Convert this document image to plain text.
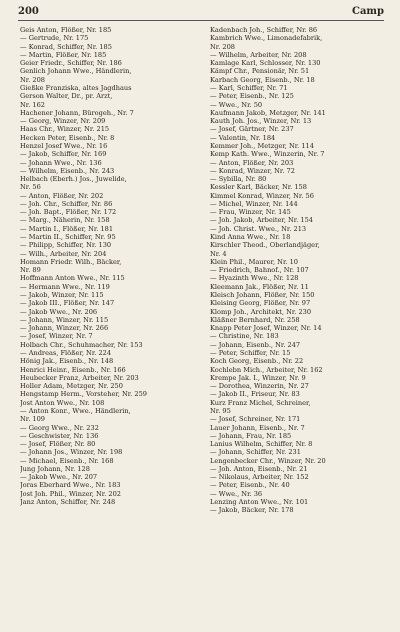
200	Camp
Geis Anton, Flößer, Nr. 185
— Gertrude, Nr. 175
— Konrad, Schiffer, Nr. 185
— Martin, Flößer, Nr. 185
Geier Friedr., Schiffer, Nr. 186
Genlich Johann Wwe., Händlerin,
Nr. 208
Gießke Franziska, altes Jagdhaus
Gerson Walter, Dr., pr. Arzt,
Nr. 162
Hachener Johann, Bürogeh., Nr. 7
— Georg, Winzer, Nr. 209
Haas Chr., Winzer, Nr. 215
Hecken Peter, Eisenb., Nr. 8
Henzel Josef Wwe., Nr. 16
— Jakob, Schiffer, Nr. 169
— Johann Wwe., Nr. 136
— Wilhelm, Eisenb., Nr. 243
Helbach (Eberh.) Jos., Juwelide,
Nr. 56
— Anton, Flößer, Nr. 202
— Joh. Chr., Schiffer, Nr. 86
— Joh. Bapt., Flößer, Nr. 172
— Marg., Näherin, Nr. 158
— Martin I., Flößer, Nr. 181
— Martin II., Schiffer, Nr. 95
— Philipp, Schiffer, Nr. 130
— Wilh., Arbeiter, Nr. 204
Homann Friedr. Wilh., Bäcker,
Nr. 89
Hoffmann Anton Wwe., Nr. 115
— Hermann Wwe., Nr. 119
— Jakob, Winzer, Nr. 115
— Jakob III., Flößer, Nr. 147
— Jakob Wwe., Nr. 206
— Johann, Winzer, Nr. 115
— Johann, Winzer, Nr. 266
— Josef, Winzer, Nr. 7
Holbach Chr., Schuhmacher, Nr. 153
— Andreas, Flößer, Nr. 224
Hönig Jak., Eisenb., Nr. 148
Henrici Heinr., Eisenb., Nr. 166
Heubecker Franz, Arbeiter, Nr. 203
Holler Adam, Metzger, Nr. 250
Hengstamp Herm., Vorsteher, Nr. 259
Jost Anton Wwe., Nr. 108
— Anton Konr., Wwe., Händlerin,
Nr. 109
— Georg Wwe., Nr. 232
— Geschwister, Nr. 136
— Josef, Flößer, Nr. 80
— Johann Jos., Winzer, Nr. 198
— Michael, Eisenb., Nr. 168
Jung Johann, Nr. 128
— Jakob Wwe., Nr. 207
Joras Eberhard Wwe., Nr. 183
Jost Joh. Phil., Winzer, Nr. 202
Janz Anton, Schiffer, Nr. 248
Kadenbach Joh., Schiffer, Nr. 86
Kambrich Wwe., Limonadefabrik,
Nr. 208
— Wilhelm, Arbeiter, Nr. 208
Kamlage Karl, Schlosser, Nr. 130
Kämpf Chr., Pensionär, Nr. 51
Karbach Georg, Eisenb., Nr. 18
— Karl, Schiffer, Nr. 71
— Peter, Eisenb., Nr. 125
— Wwe., Nr. 50
Kaufmann Jakob, Metzger, Nr. 141
Kauth Joh. Jos., Winzer, Nr. 13
— Josef, Gärtner, Nr. 237
— Valentin, Nr. 184
Kemmer Joh., Metzger, Nr. 114
Kemp Kath. Wwe., Winzerin, Nr. 7
— Anton, Flößer, Nr. 203
— Konrad, Winzer, Nr. 72
— Sybilla, Nr. 80
Kessler Karl, Bäcker, Nr. 158
Kimmel Konrad, Winzer, Nr. 56
— Michel, Winzer, Nr. 144
— Frau, Winzer, Nr. 145
— Joh. Jakob, Arbeiter, Nr. 154
— Joh. Christ. Wwe., Nr. 213
Kind Anna Wwe., Nr. 18
Kirschler Theod., Oberlandjäger,
Nr. 4
Klein Phil., Maurer, Nr. 10
— Friedrich, Bahnof., Nr. 107
— Hyazinth Wwe., Nr. 128
Kleemann Jak., Flößer, Nr. 11
Kleisch Johann, Flößer, Nr. 150
Kleising Georg, Flößer, Nr. 97
Klomp Joh., Architekt, Nr. 230
Kläßner Bernhard, Nr. 258
Knapp Peter Josef, Winzer, Nr. 14
— Christine, Nr. 183
— Johann, Eisenb., Nr. 247
— Peter, Schiffer, Nr. 15
Koch Georg, Eisenb., Nr. 22
Kochlebn Mich., Arbeiter, Nr. 162
Krempe Jak. I., Winzer, Nr. 9
— Dorothea, Winzerin, Nr. 27
— Jakob II., Friseur, Nr. 83
Kurz Franz Michel, Schreiner,
Nr. 95
— Josef, Schreiner, Nr. 171
Lauer Johann, Eisenb., Nr. 7
— Johann, Frau, Nr. 185
Lanius Wilhelm, Schiffer, Nr. 8
— Johann, Schiffer, Nr. 231
Lengenbecker Chr., Winzer, Nr. 20
— Joh. Anton, Eisenb., Nr. 21
— Nikolaus, Arbeiter, Nr. 152
— Peter, Eisenb., Nr. 40
— Wwe., Nr. 36
Lenzing Anton Wwe., Nr. 101
— Jakob, Bäcker, Nr. 178
